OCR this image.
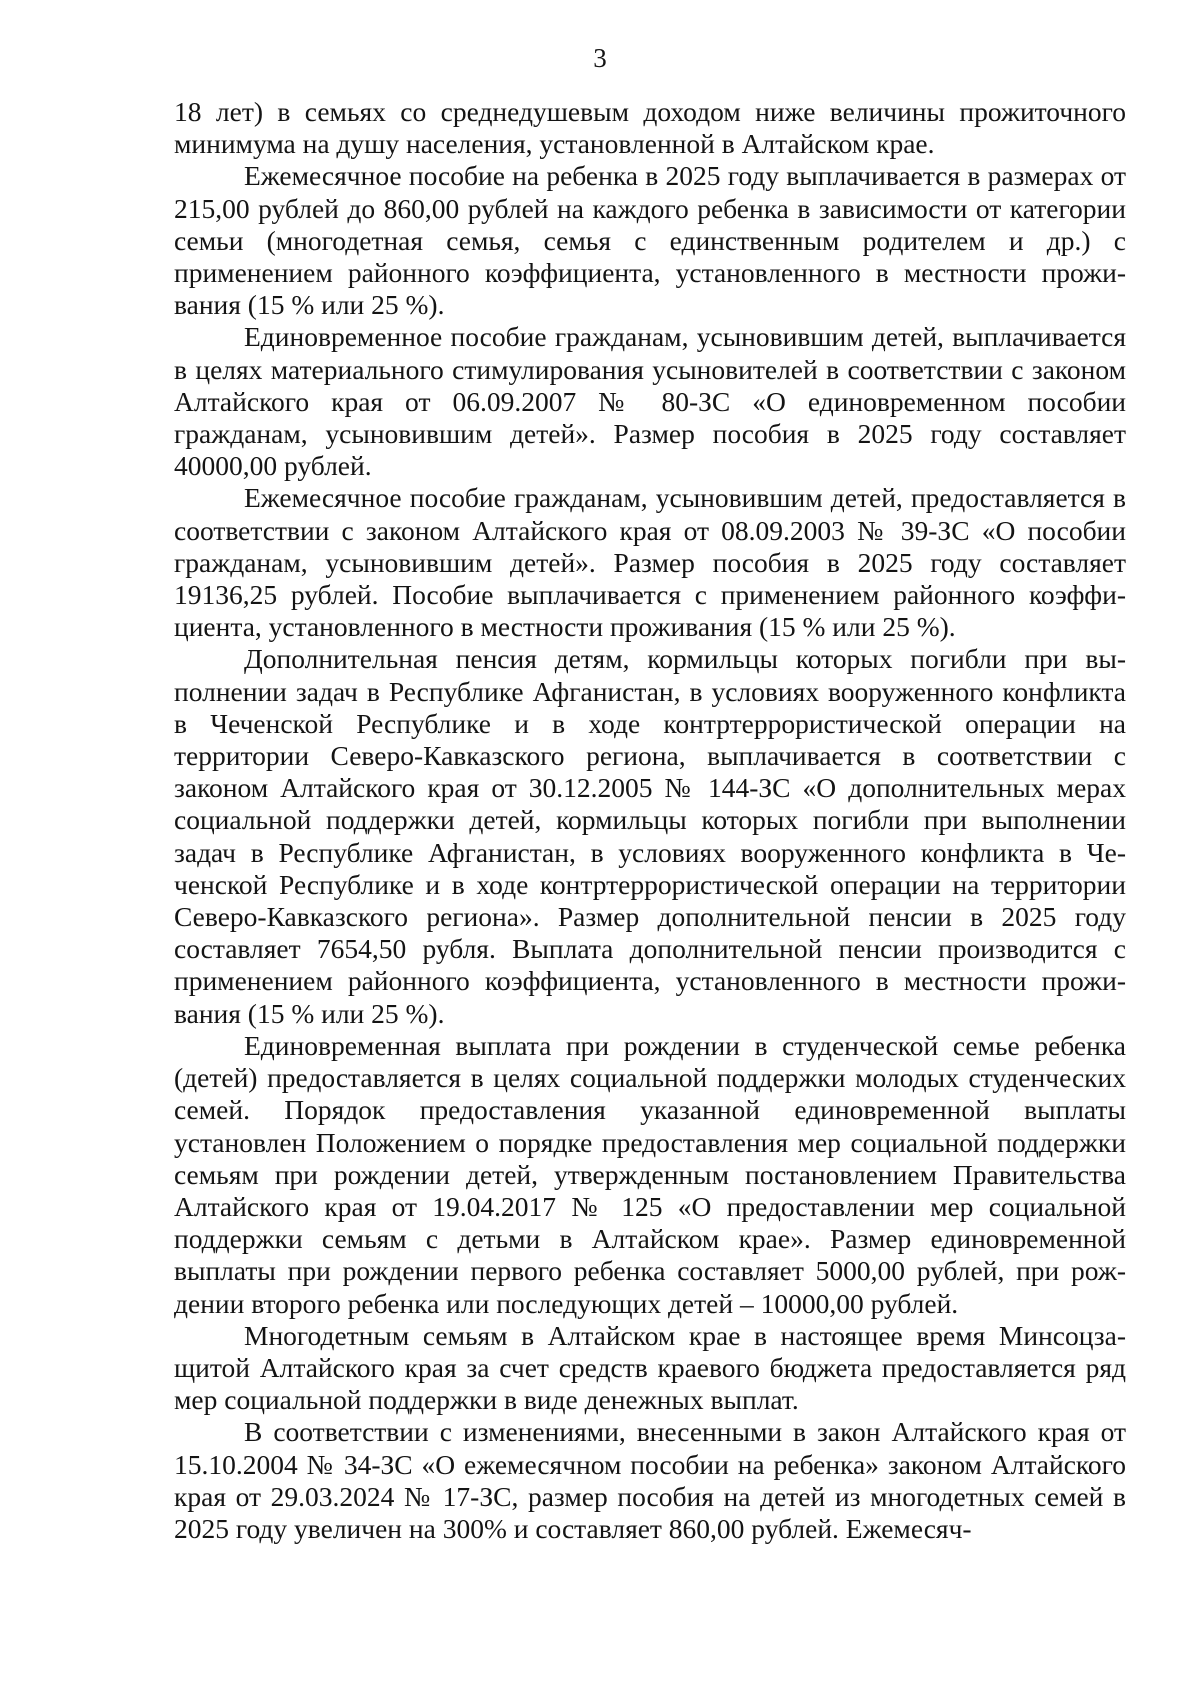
3

18 лет) в семьях со среднедушевым доходом ниже величины прожиточного минимума на душу населения, установленной в Алтайском крае.

Ежемесячное пособие на ребенка в 2025 году выплачивается в размерах от 215,00 рублей до 860,00 рублей на каждого ребенка в зависимости от категории семьи (многодетная семья, семья с единственным родителем и др.) с применением районного коэффициента, установленного в местности проживания (15 % или 25 %).

Единовременное пособие гражданам, усыновившим детей, выплачивается в целях материального стимулирования усыновителей в соответствии с законом Алтайского края от 06.09.2007 № 80-ЗС «О единовременном пособии гражданам, усыновившим детей». Размер пособия в 2025 году составляет 40000,00 рублей.

Ежемесячное пособие гражданам, усыновившим детей, предоставляется в соответствии с законом Алтайского края от 08.09.2003 № 39-ЗС «О пособии гражданам, усыновившим детей». Размер пособия в 2025 году составляет 19136,25 рублей. Пособие выплачивается с применением районного коэффициента, установленного в местности проживания (15 % или 25 %).

Дополнительная пенсия детям, кормильцы которых погибли при выполнении задач в Республике Афганистан, в условиях вооруженного конфликта в Чеченской Республике и в ходе контртеррористической операции на территории Северо-Кавказского региона, выплачивается в соответствии с законом Алтайского края от 30.12.2005 № 144-ЗС «О дополнительных мерах социальной поддержки детей, кормильцы которых погибли при выполнении задач в Республике Афганистан, в условиях вооруженного конфликта в Чеченской Республике и в ходе контртеррористической операции на территории Северо-Кавказского региона». Размер дополнительной пенсии в 2025 году составляет 7654,50 рубля. Выплата дополнительной пенсии производится с применением районного коэффициента, установленного в местности проживания (15 % или 25 %).

Единовременная выплата при рождении в студенческой семье ребенка (детей) предоставляется в целях социальной поддержки молодых студенческих семей. Порядок предоставления указанной единовременной выплаты установлен Положением о порядке предоставления мер социальной поддержки семьям при рождении детей, утвержденным постановлением Правительства Алтайского края от 19.04.2017 № 125 «О предоставлении мер социальной поддержки семьям с детьми в Алтайском крае». Размер единовременной выплаты при рождении первого ребенка составляет 5000,00 рублей, при рождении второго ребенка или последующих детей – 10000,00 рублей.

Многодетным семьям в Алтайском крае в настоящее время Минсоцзащитой Алтайского края за счет средств краевого бюджета предоставляется ряд мер социальной поддержки в виде денежных выплат.

В соответствии с изменениями, внесенными в закон Алтайского края от 15.10.2004 № 34-ЗС «О ежемесячном пособии на ребенка» законом Алтайского края от 29.03.2024 № 17-ЗС, размер пособия на детей из многодетных семей в 2025 году увеличен на 300% и составляет 860,00 рублей. Ежемесяч-
